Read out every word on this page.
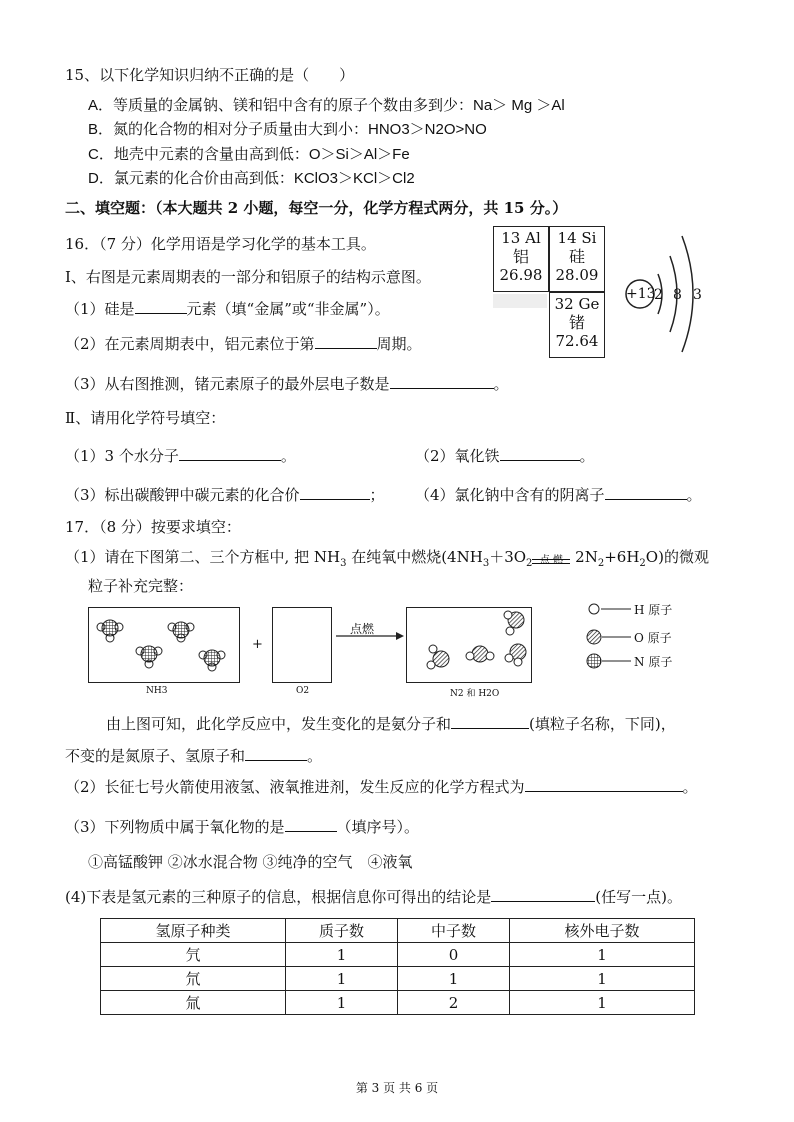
15、以下化学知识归纳不正确的是（　　）
A．等质量的金属钠、镁和铝中含有的原子个数由多到少：Na＞ Mg ＞Al
B．氮的化合物的相对分子质量由大到小：HNO3＞N2O>NO
C．地壳中元素的含量由高到低：O＞Si＞Al＞Fe
D．氯元素的化合价由高到低：KClO3＞KCl＞Cl2
二、填空题：（本大题共 2 小题，每空一分，化学方程式两分，共 15 分。）
16．（7 分）化学用语是学习化学的基本工具。
Ⅰ、右图是元素周期表的一部分和铝原子的结构示意图。
（1）硅是	元素（填“金属”或“非金属”）。
（2）在元素周期表中，铝元素位于第	周期。
（3）从右图推测，锗元素原子的最外层电子数是	。
13 Al
铝
26.98
14 Si
硅
28.09
32 Ge
锗
72.64
+13
2 8 3
Ⅱ、请用化学符号填空：
（1）3 个水分子	。	（2）氧化铁	。
（3）标出碳酸钾中碳元素的化合价	； （4）氯化钠中含有的阴离子	。
17．（8 分）按要求填空：
（1）请在下图第二、三个方框中, 把 $NH_3$ 在纯氧中燃烧($4NH_3+3O_2$ 点 燃 $2N_2+6H_2O$)的微观
粒子补充完整：
+
点燃
NH3	O2	N2 和 H2O
H 原子
O 原子
N 原子
由上图可知，此化学反应中，发生变化的是氨分子和	(填粒子名称，下同)，
不变的是氮原子、氢原子和	。
（2）长征七号火箭使用液氢、液氧推进剂，发生反应的化学方程式为	。
（3）下列物质中属于氧化物的是	（填序号）。
①高锰酸钾 ②冰水混合物 ③纯净的空气　④液氧
(4)下表是氢元素的三种原子的信息，根据信息你可得出的结论是	(任写一点)。
氢原子种类	质子数	中子数	核外电子数
氕	1	0	1
氘	1	1	1
氚	1	2	1
第 3 页 共 6 页
